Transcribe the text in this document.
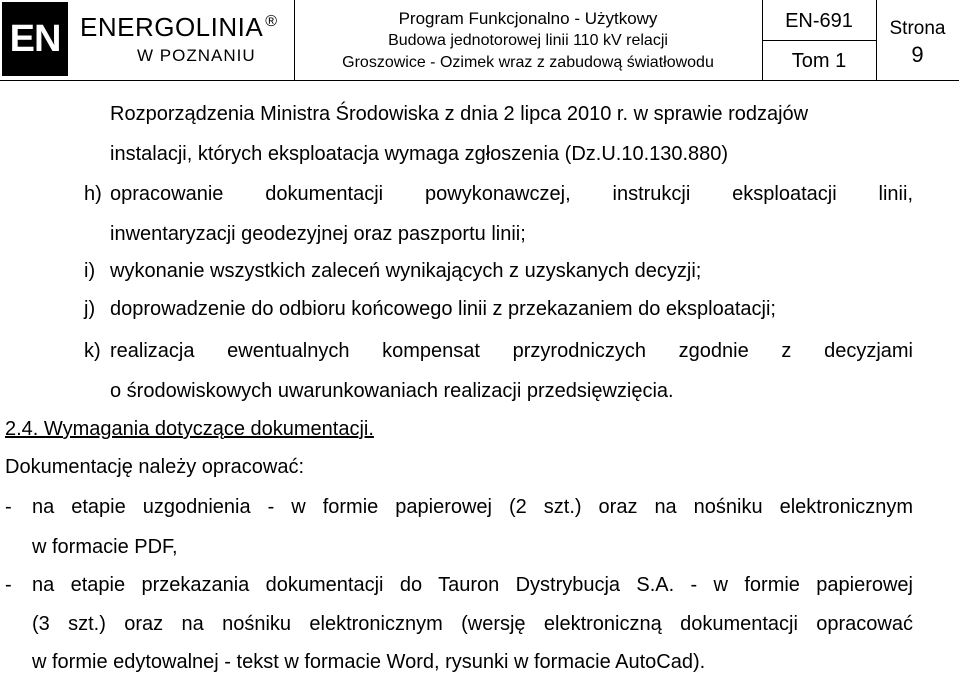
EN ENERGOLINIA ®
W POZNANIU
Program Funkcjonalno - Użytkowy
Budowa jednotorowej linii 110 kV relacji
Groszowice - Ozimek wraz z zabudową światłowodu
EN-691
Tom 1
Strona
9
Rozporządzenia Ministra Środowiska z dnia 2 lipca 2010 r. w sprawie rodzajów
instalacji, których eksploatacja wymaga zgłoszenia (Dz.U.10.130.880)
h) opracowanie dokumentacji powykonawczej, instrukcji eksploatacji linii,
inwentaryzacji geodezyjnej oraz paszportu linii;
i) wykonanie wszystkich zaleceń wynikających z uzyskanych decyzji;
j) doprowadzenie do odbioru końcowego linii z przekazaniem do eksploatacji;
k) realizacja ewentualnych kompensat przyrodniczych zgodnie z decyzjami
o środowiskowych uwarunkowaniach realizacji przedsięwzięcia.
2.4. Wymagania dotyczące dokumentacji.
Dokumentację należy opracować:
- na etapie uzgodnienia - w formie papierowej (2 szt.) oraz na nośniku elektronicznym
w formacie PDF,
- na etapie przekazania dokumentacji do Tauron Dystrybucja S.A. - w formie papierowej
(3 szt.) oraz na nośniku elektronicznym (wersję elektroniczną dokumentacji opracować
w formie edytowalnej - tekst w formacie Word, rysunki w formacie AutoCad).
